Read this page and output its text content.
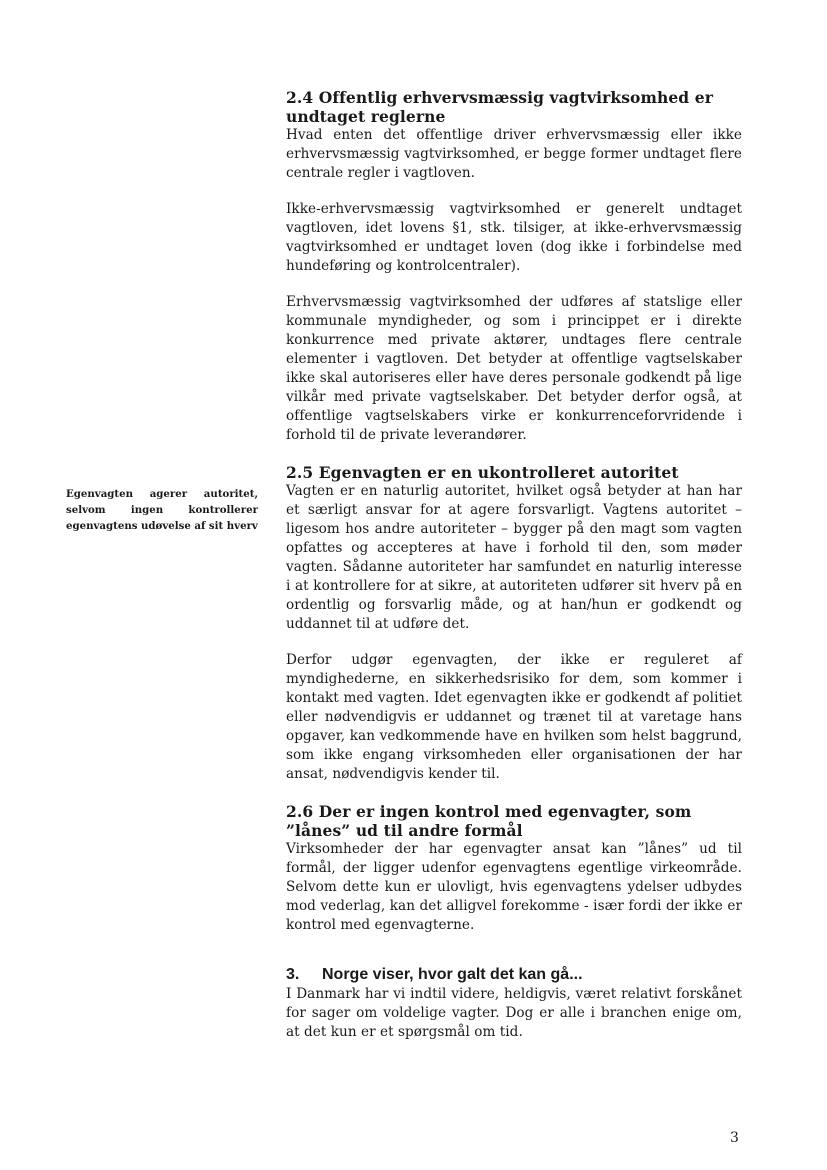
Egenvagten agerer autoritet, selvom ingen kontrollerer egenvagtens udøvelse af sit hverv
2.4 Offentlig erhvervsmæssig vagtvirksomhed er undtaget reglerne

Hvad enten det offentlige driver erhvervsmæssig eller ikke erhvervsmæssig vagtvirksomhed, er begge former undtaget flere centrale regler i vagtloven.

Ikke-erhvervsmæssig vagtvirksomhed er generelt undtaget vagtloven, idet lovens §1, stk. tilsiger, at ikke-erhvervsmæssig vagtvirksomhed er undtaget loven (dog ikke i forbindelse med hundeføring og kontrolcentraler).

Erhvervsmæssig vagtvirksomhed der udføres af statslige eller kommunale myndigheder, og som i princippet er i direkte konkurrence med private aktører, undtages flere centrale elementer i vagtloven. Det betyder at offentlige vagtselskaber ikke skal autoriseres eller have deres personale godkendt på lige vilkår med private vagtselskaber. Det betyder derfor også, at offentlige vagtselskabers virke er konkurrenceforvridende i forhold til de private leverandører.

2.5 Egenvagten er en ukontrolleret autoritet

Vagten er en naturlig autoritet, hvilket også betyder at han har et særligt ansvar for at agere forsvarligt. Vagtens autoritet – ligesom hos andre autoriteter – bygger på den magt som vagten opfattes og accepteres at have i forhold til den, som møder vagten. Sådanne autoriteter har samfundet en naturlig interesse i at kontrollere for at sikre, at autoriteten udfører sit hverv på en ordentlig og forsvarlig måde, og at han/hun er godkendt og uddannet til at udføre det.

Derfor udgør egenvagten, der ikke er reguleret af myndighederne, en sikkerhedsrisiko for dem, som kommer i kontakt med vagten. Idet egenvagten ikke er godkendt af politiet eller nødvendigvis er uddannet og trænet til at varetage hans opgaver, kan vedkommende have en hvilken som helst baggrund, som ikke engang virksomheden eller organisationen der har ansat, nødvendigvis kender til.

2.6 Der er ingen kontrol med egenvagter, som ”lånes” ud til andre formål

Virksomheder der har egenvagter ansat kan ”lånes” ud til formål, der ligger udenfor egenvagtens egentlige virkeområde. Selvom dette kun er ulovligt, hvis egenvagtens ydelser udbydes mod vederlag, kan det alligvel forekomme - især fordi der ikke er kontrol med egenvagterne.

3. Norge viser, hvor galt det kan gå...

I Danmark har vi indtil videre, heldigvis, været relativt forskånet for sager om voldelige vagter. Dog er alle i branchen enige om, at det kun er et spørgsmål om tid.

3
